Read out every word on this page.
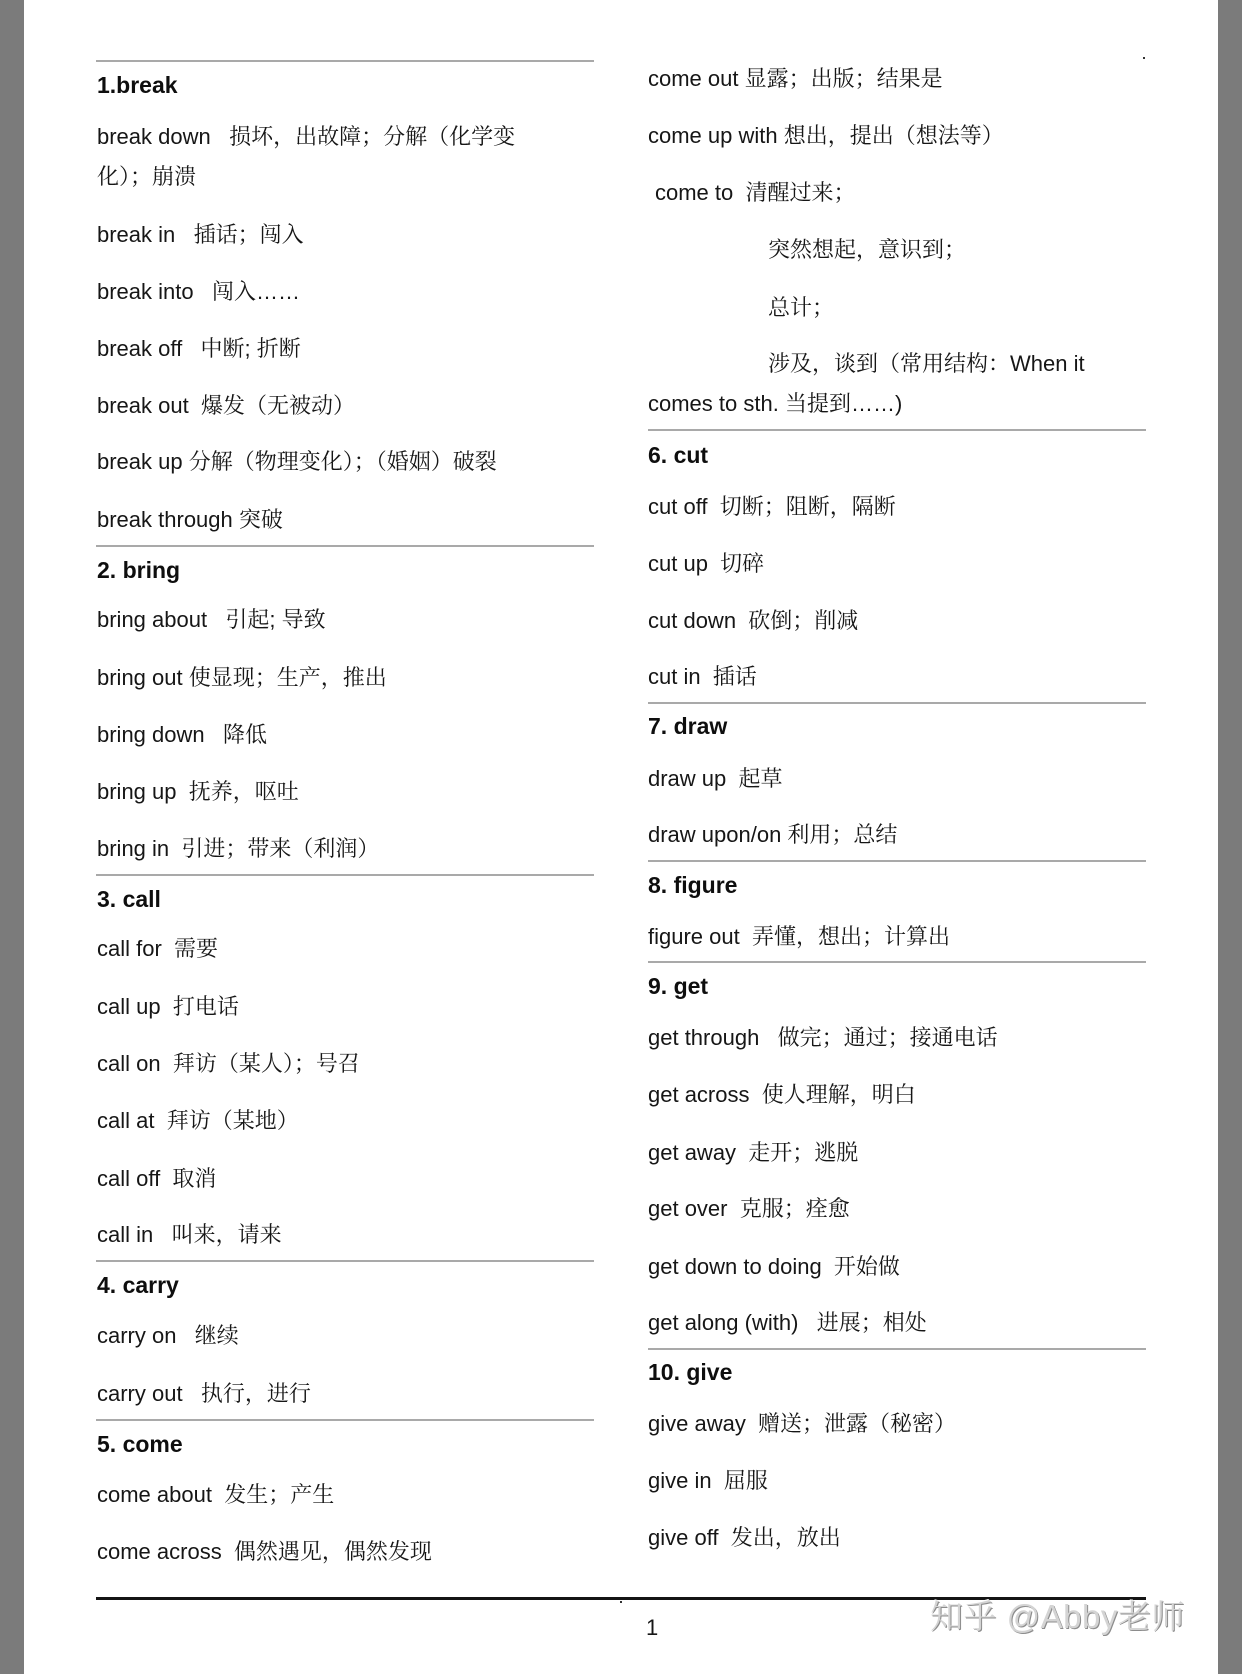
1.break
break down   损坏，出故障；分解（化学变
化）；崩溃
break in   插话；闯入
break into   闯入……
break off   中断; 折断
break out  爆发（无被动）
break up 分解（物理变化）；（婚姻）破裂
break through 突破
2. bring
bring about   引起; 导致
bring out 使显现；生产，推出
bring down   降低
bring up  抚养，呕吐
bring in  引进；带来（利润）
3. call
call for  需要
call up  打电话
call on  拜访（某人）；号召
call at  拜访（某地）
call off  取消
call in   叫来，请来
4. carry
carry on   继续
carry out   执行，进行
5. come
come about  发生；产生
come across  偶然遇见，偶然发现
come out 显露；出版；结果是
come up with 想出，提出（想法等）
come to  清醒过来；
突然想起，意识到；
总计；
涉及，谈到（常用结构：When it
comes to sth. 当提到……)
6. cut
cut off  切断；阻断，隔断
cut up  切碎
cut down  砍倒；削减
cut in  插话
7. draw
draw up  起草
draw upon/on 利用；总结
8. figure
figure out  弄懂，想出；计算出
9. get
get through   做完；通过；接通电话
get across  使人理解，明白
get away  走开；逃脱
get over  克服；痊愈
get down to doing  开始做
get along (with)   进展；相处
10. give
give away  赠送；泄露（秘密）
give in  屈服
give off  发出，放出
1	知乎 @Abby老师
